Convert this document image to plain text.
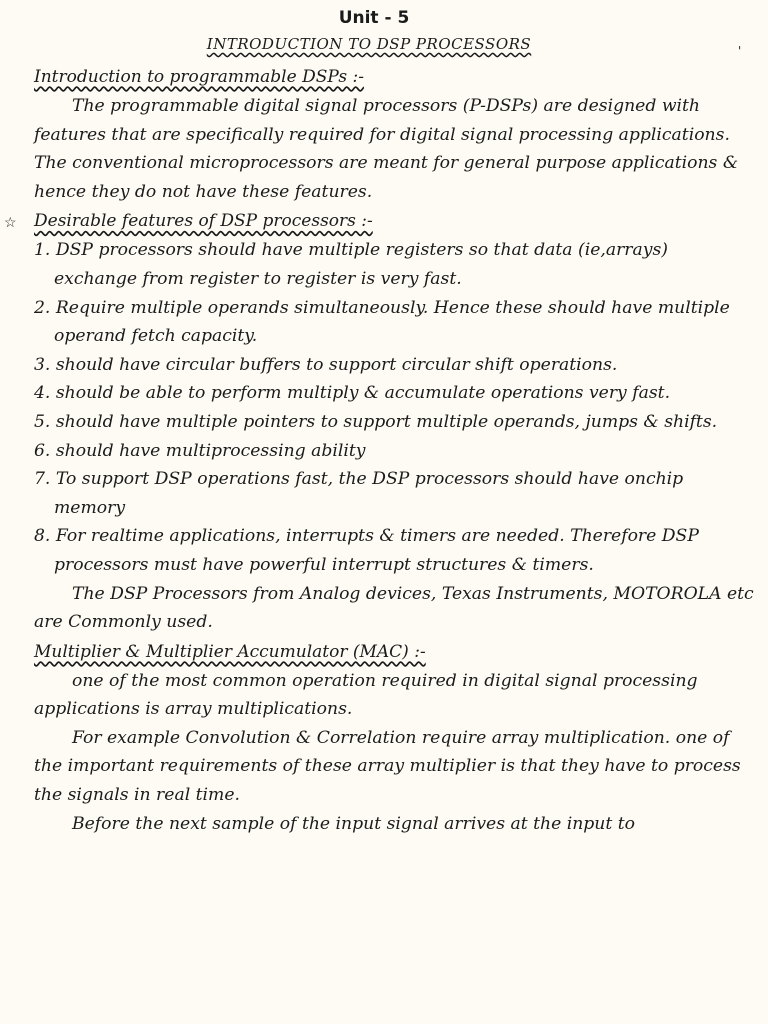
'
Unit - 5
INTRODUCTION TO DSP PROCESSORS
Introduction to programmable DSPs :-

The programmable digital signal processors (P-DSPs) are designed with features that are specifically required for digital signal processing applications. The conventional microprocessors are meant for general purpose applications & hence they do not have these features.

☆ Desirable features of DSP processors :-

1. DSP processors should have multiple registers so that data (ie,arrays) exchange from register to register is very fast.

2. Require multiple operands simultaneously. Hence these should have multiple operand fetch capacity.

3. should have circular buffers to support circular shift operations.

4. should be able to perform multiply & accumulate operations very fast.

5. should have multiple pointers to support multiple operands, jumps & shifts.

6. should have multiprocessing ability

7. To support DSP operations fast, the DSP processors should have onchip memory

8. For realtime applications, interrupts & timers are needed. Therefore DSP processors must have powerful interrupt structures & timers.

The DSP Processors from Analog devices, Texas Instruments, MOTOROLA etc are Commonly used.

Multiplier & Multiplier Accumulator (MAC) :-

one of the most common operation required in digital signal processing applications is array multiplications.

For example Convolution & Correlation require array multiplication. one of the important requirements of these array multiplier is that they have to process the signals in real time.

Before the next sample of the input signal arrives at the input to
